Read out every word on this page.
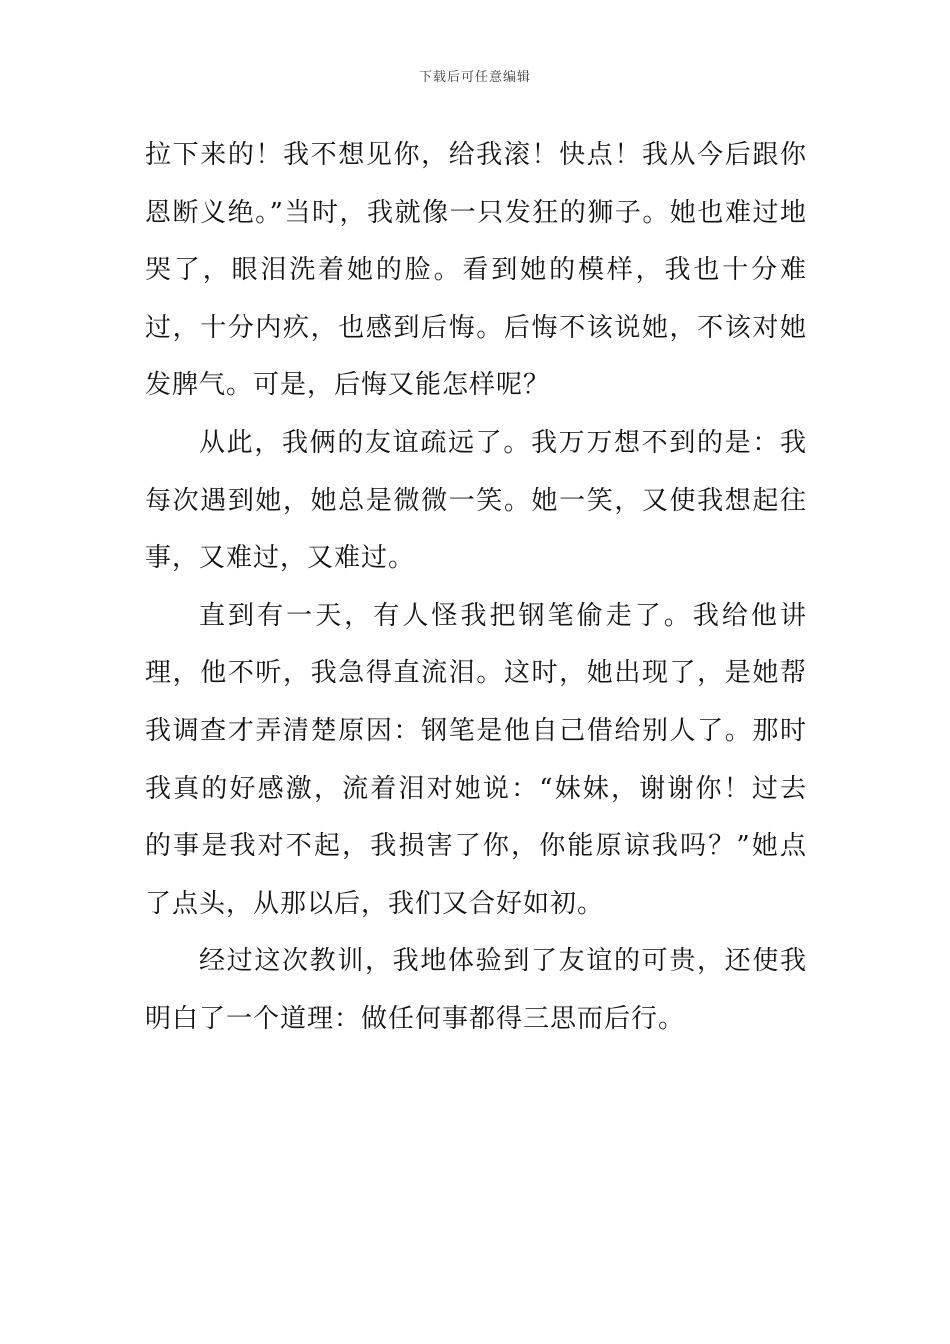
下载后可任意编辑

拉下来的！我不想见你，给我滚！快点！我从今后跟你恩断义绝。”当时，我就像一只发狂的狮子。她也难过地哭了，眼泪洗着她的脸。看到她的模样，我也十分难过，十分内疚，也感到后悔。后悔不该说她，不该对她发脾气。可是，后悔又能怎样呢？

从此，我俩的友谊疏远了。我万万想不到的是：我每次遇到她，她总是微微一笑。她一笑，又使我想起往事，又难过，又难过。

直到有一天，有人怪我把钢笔偷走了。我给他讲理，他不听，我急得直流泪。这时，她出现了，是她帮我调查才弄清楚原因：钢笔是他自己借给别人了。那时我真的好感激，流着泪对她说：“妹妹，谢谢你！过去的事是我对不起，我损害了你，你能原谅我吗？”她点了点头，从那以后，我们又合好如初。

经过这次教训，我地体验到了友谊的可贵，还使我明白了一个道理：做任何事都得三思而后行。
